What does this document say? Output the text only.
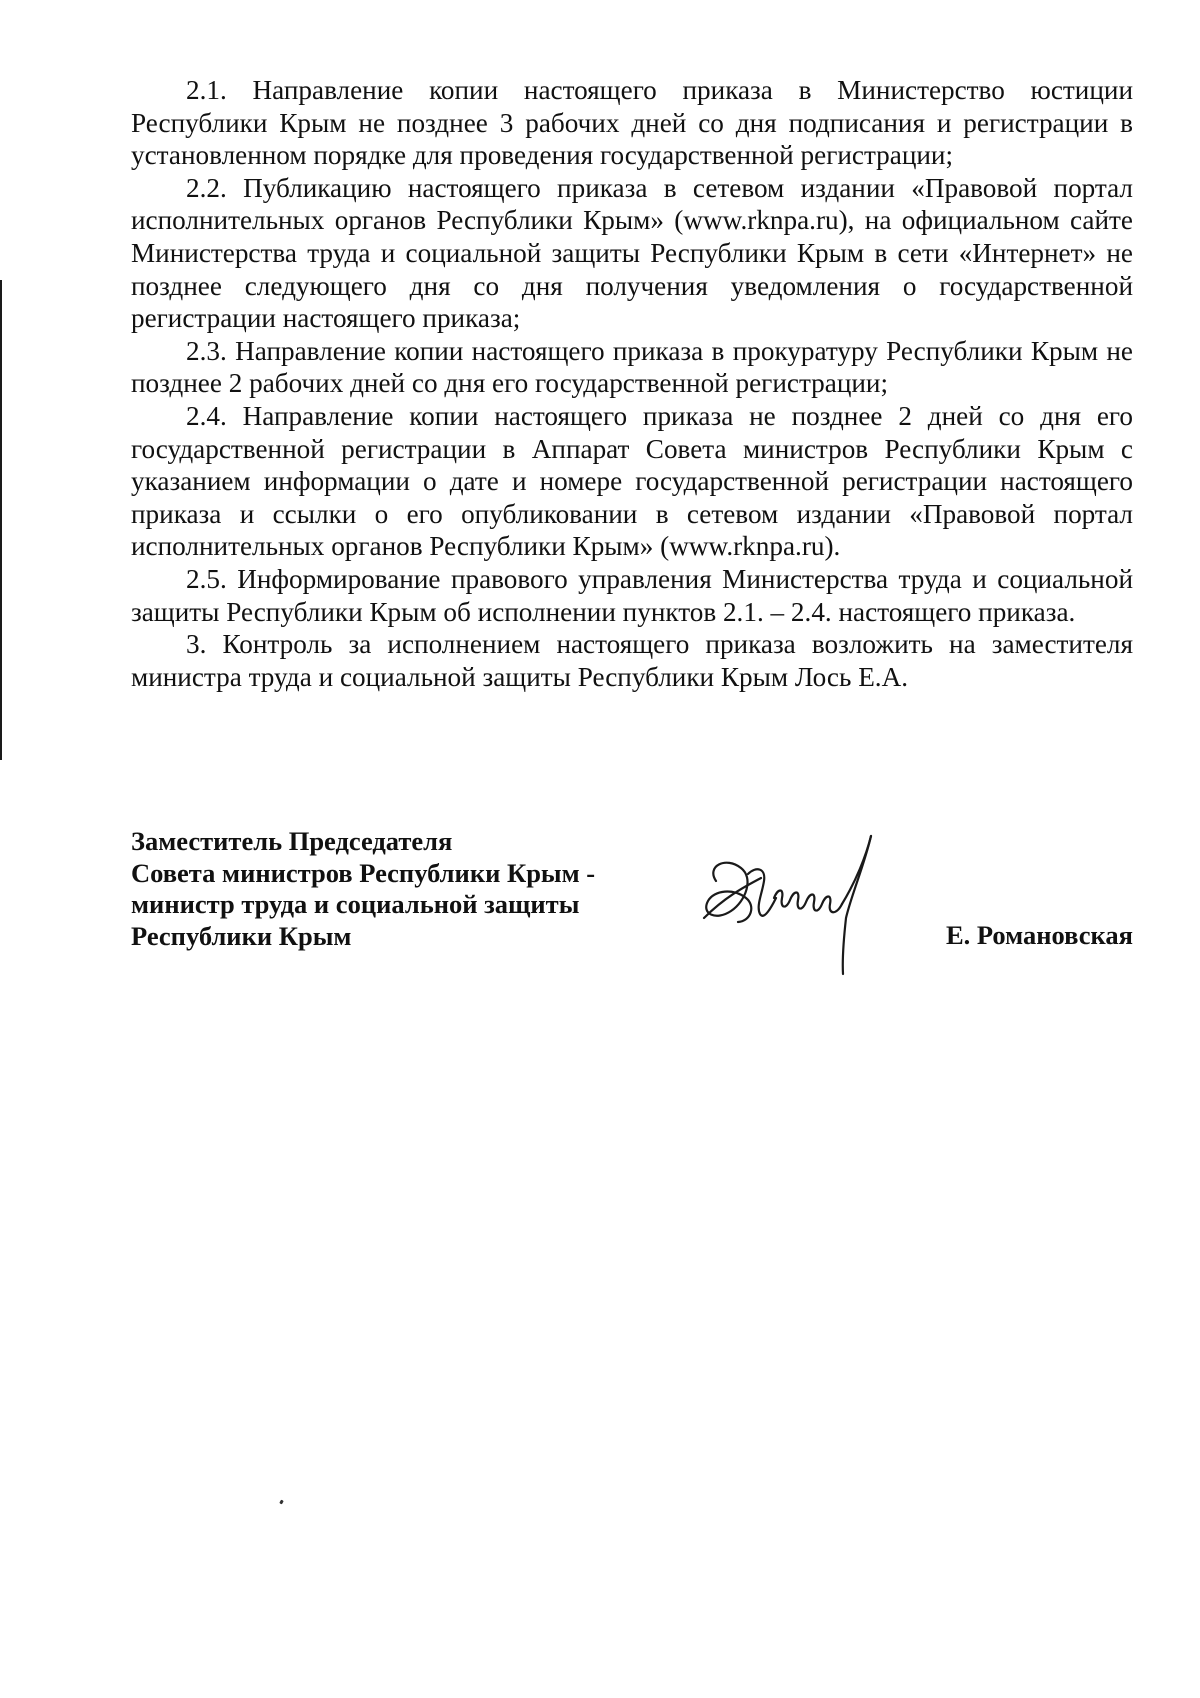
2.1. Направление копии настоящего приказа в Министерство юстиции Республики Крым не позднее 3 рабочих дней со дня подписания и регистрации в установленном порядке для проведения государственной регистрации;

2.2. Публикацию настоящего приказа в сетевом издании «Правовой портал исполнительных органов Республики Крым» (www.rknpa.ru), на официальном сайте Министерства труда и социальной защиты Республики Крым в сети «Интернет» не позднее следующего дня со дня получения уведомления о государственной регистрации настоящего приказа;

2.3. Направление копии настоящего приказа в прокуратуру Республики Крым не позднее 2 рабочих дней со дня его государственной регистрации;

2.4. Направление копии настоящего приказа не позднее 2 дней со дня его государственной регистрации в Аппарат Совета министров Республики Крым с указанием информации о дате и номере государственной регистрации настоящего приказа и ссылки о его опубликовании в сетевом издании «Правовой портал исполнительных органов Республики Крым» (www.rknpa.ru).

2.5. Информирование правового управления Министерства труда и социальной защиты Республики Крым об исполнении пунктов 2.1. – 2.4. настоящего приказа.

3. Контроль за исполнением настоящего приказа возложить на заместителя министра труда и социальной защиты Республики Крым Лось Е.А.

Заместитель Председателя
Совета министров Республики Крым -
министр труда и социальной защиты
Республики Крым	Е. Романовская
